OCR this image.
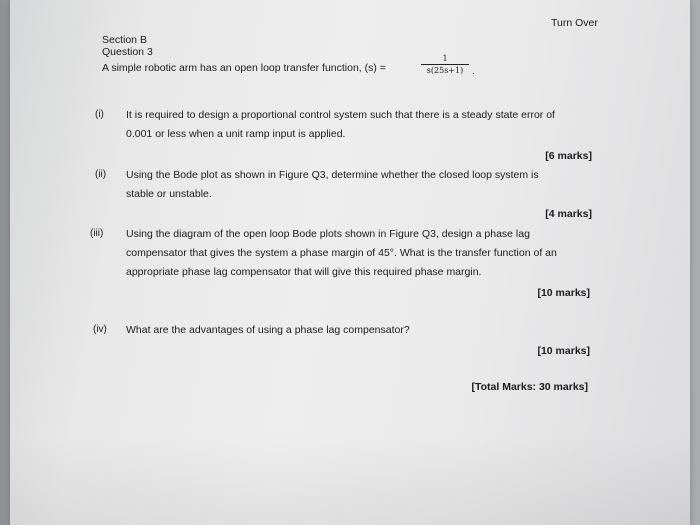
Turn Over
Section B
Question 3
A simple robotic arm has an open loop transfer function, (s) =
1
s(25s+1) .
(i) It is required to design a proportional control system such that there is a steady state error of
0.001 or less when a unit ramp input is applied.
[6 marks]
(ii) Using the Bode plot as shown in Figure Q3, determine whether the closed loop system is
stable or unstable.
[4 marks]
(iii) Using the diagram of the open loop Bode plots shown in Figure Q3, design a phase lag
compensator that gives the system a phase margin of 45°. What is the transfer function of an
appropriate phase lag compensator that will give this required phase margin.
[10 marks]
(iv) What are the advantages of using a phase lag compensator?
[10 marks]
[Total Marks: 30 marks]
